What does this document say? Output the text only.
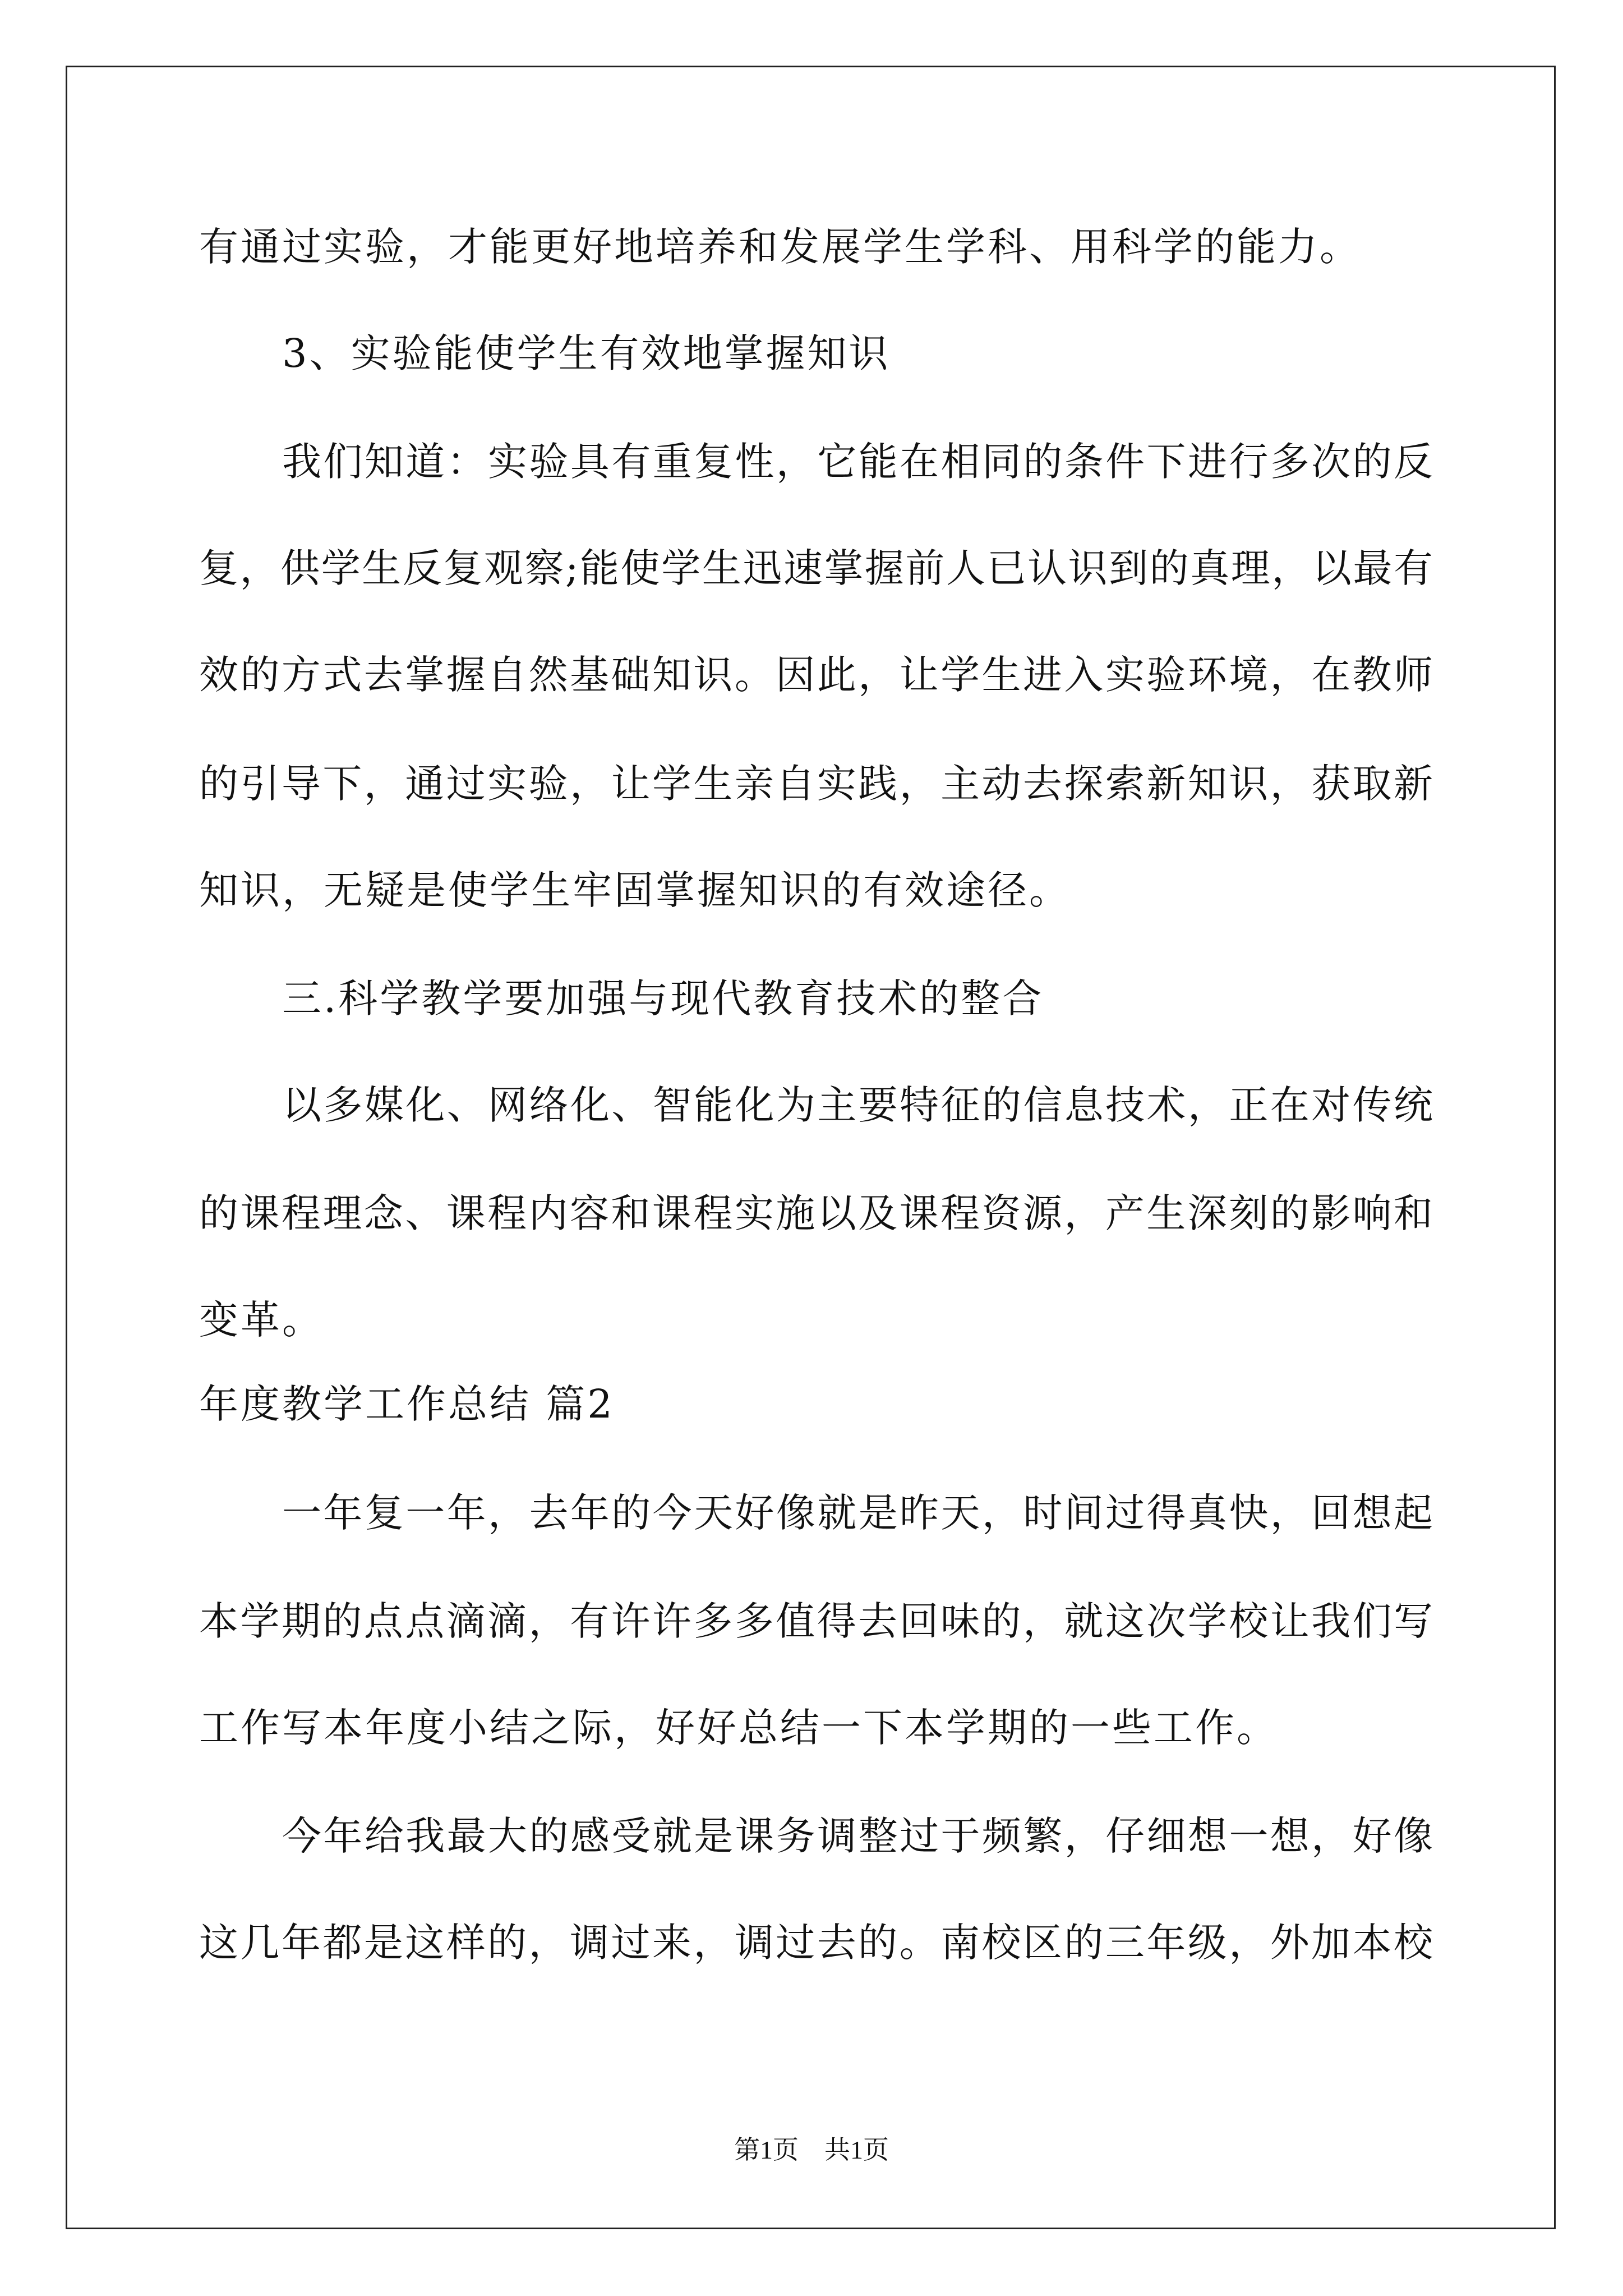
有通过实验，才能更好地培养和发展学生学科、用科学的能力。
3、实验能使学生有效地掌握知识
我们知道：实验具有重复性，它能在相同的条件下进行多次的反
复，供学生反复观察;能使学生迅速掌握前人已认识到的真理，以最有
效的方式去掌握自然基础知识。因此，让学生进入实验环境，在教师
的引导下，通过实验，让学生亲自实践，主动去探索新知识，获取新
知识，无疑是使学生牢固掌握知识的有效途径。
三.科学教学要加强与现代教育技术的整合
以多媒化、网络化、智能化为主要特征的信息技术，正在对传统
的课程理念、课程内容和课程实施以及课程资源，产生深刻的影响和
变革。
年度教学工作总结 篇2
一年复一年，去年的今天好像就是昨天，时间过得真快，回想起
本学期的点点滴滴，有许许多多值得去回味的，就这次学校让我们写
工作写本年度小结之际，好好总结一下本学期的一些工作。
今年给我最大的感受就是课务调整过于频繁，仔细想一想，好像
这几年都是这样的，调过来，调过去的。南校区的三年级，外加本校
第1页　共1页
